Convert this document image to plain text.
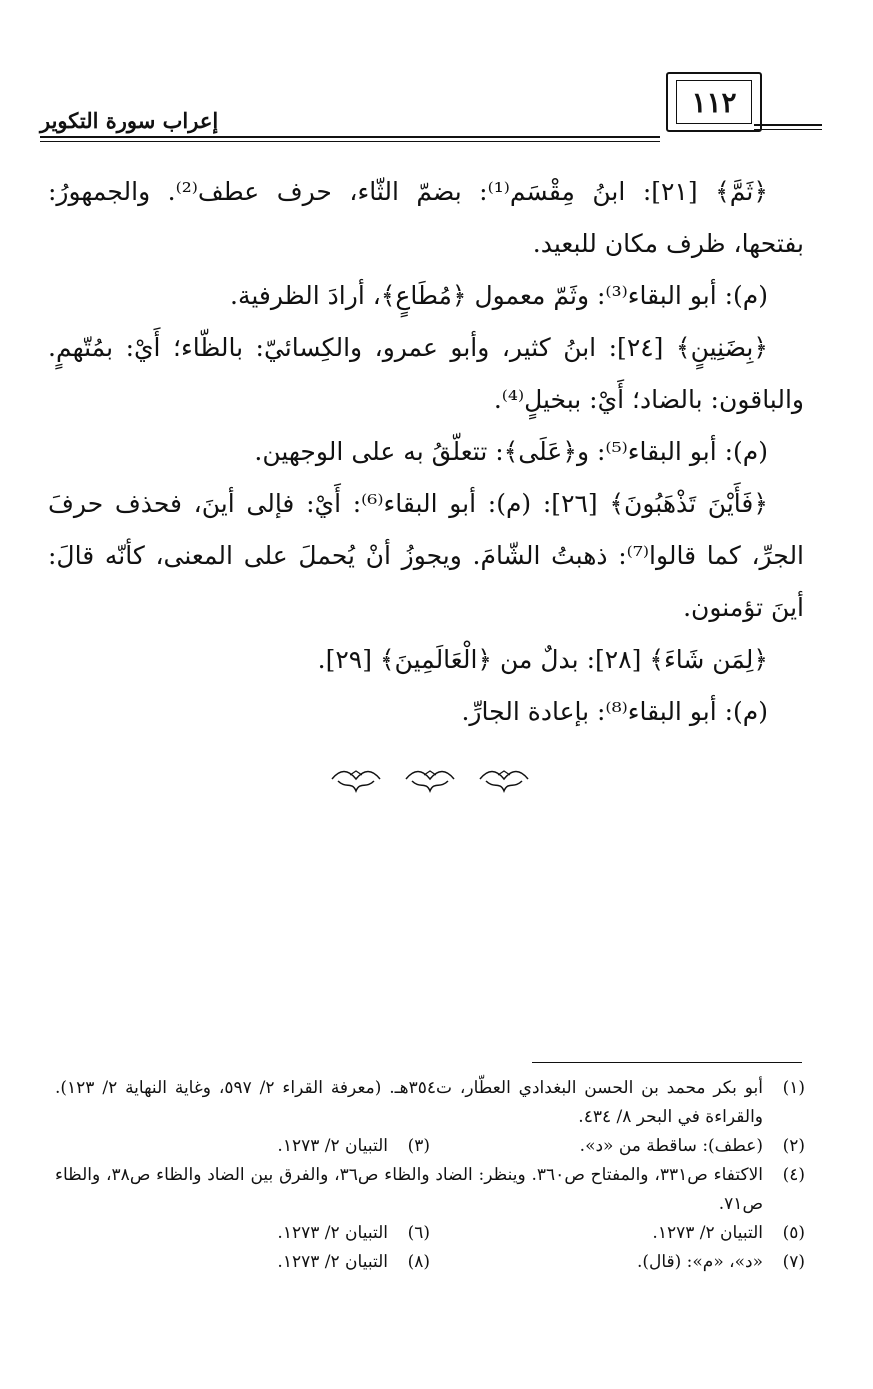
إعراب سورة التكوير
١١٢

﴿ثَمَّ﴾ [٢١]: ابنُ مِقْسَم⁽¹⁾: بضمّ الثّاء، حرف عطف⁽²⁾. والجمهورُ: بفتحها، ظرف مكان للبعيد.

(م): أبو البقاء⁽³⁾: وثَمّ معمول ﴿مُطَاعٍ﴾، أرادَ الظرفية.

﴿بِضَنِينٍ﴾ [٢٤]: ابنُ كثير، وأبو عمرو، والكِسائيّ: بالظّاء؛ أَيْ: بمُتّهمٍ. والباقون: بالضاد؛ أَيْ: ببخيلٍ⁽⁴⁾.

(م): أبو البقاء⁽⁵⁾: و﴿عَلَى﴾: تتعلّقُ به على الوجهين.

﴿فَأَيْنَ تَذْهَبُونَ﴾ [٢٦]: (م): أبو البقاء⁽⁶⁾: أَيْ: فإلى أينَ، فحذف حرفَ الجرِّ، كما قالوا⁽⁷⁾: ذهبتُ الشّامَ. ويجوزُ أنْ يُحملَ على المعنى، كأنّه قالَ: أينَ تؤمنون.

﴿لِمَن شَاءَ﴾ [٢٨]: بدلٌ من ﴿الْعَالَمِينَ﴾ [٢٩].

(م): أبو البقاء⁽⁸⁾: بإعادة الجارِّ.

(١)
أبو بكر محمد بن الحسن البغدادي العطّار، ت٣٥٤هـ. (معرفة القراء ٢/ ٥٩٧، وغاية النهاية ٢/ ١٢٣). والقراءة في البحر ٨/ ٤٣٤.
(٢)
(عطف): ساقطة من «د».
(٣)
التبيان ٢/ ١٢٧٣.
(٤)
الاكتفاء ص٣٣١، والمفتاح ص٣٦٠. وينظر: الضاد والظاء ص٣٦، والفرق بين الضاد والظاء ص٣٨، والظاء ص٧١.
(٥)
التبيان ٢/ ١٢٧٣.
(٦)
التبيان ٢/ ١٢٧٣.
(٧)
«د»، «م»: (قال).
(٨)
التبيان ٢/ ١٢٧٣.
